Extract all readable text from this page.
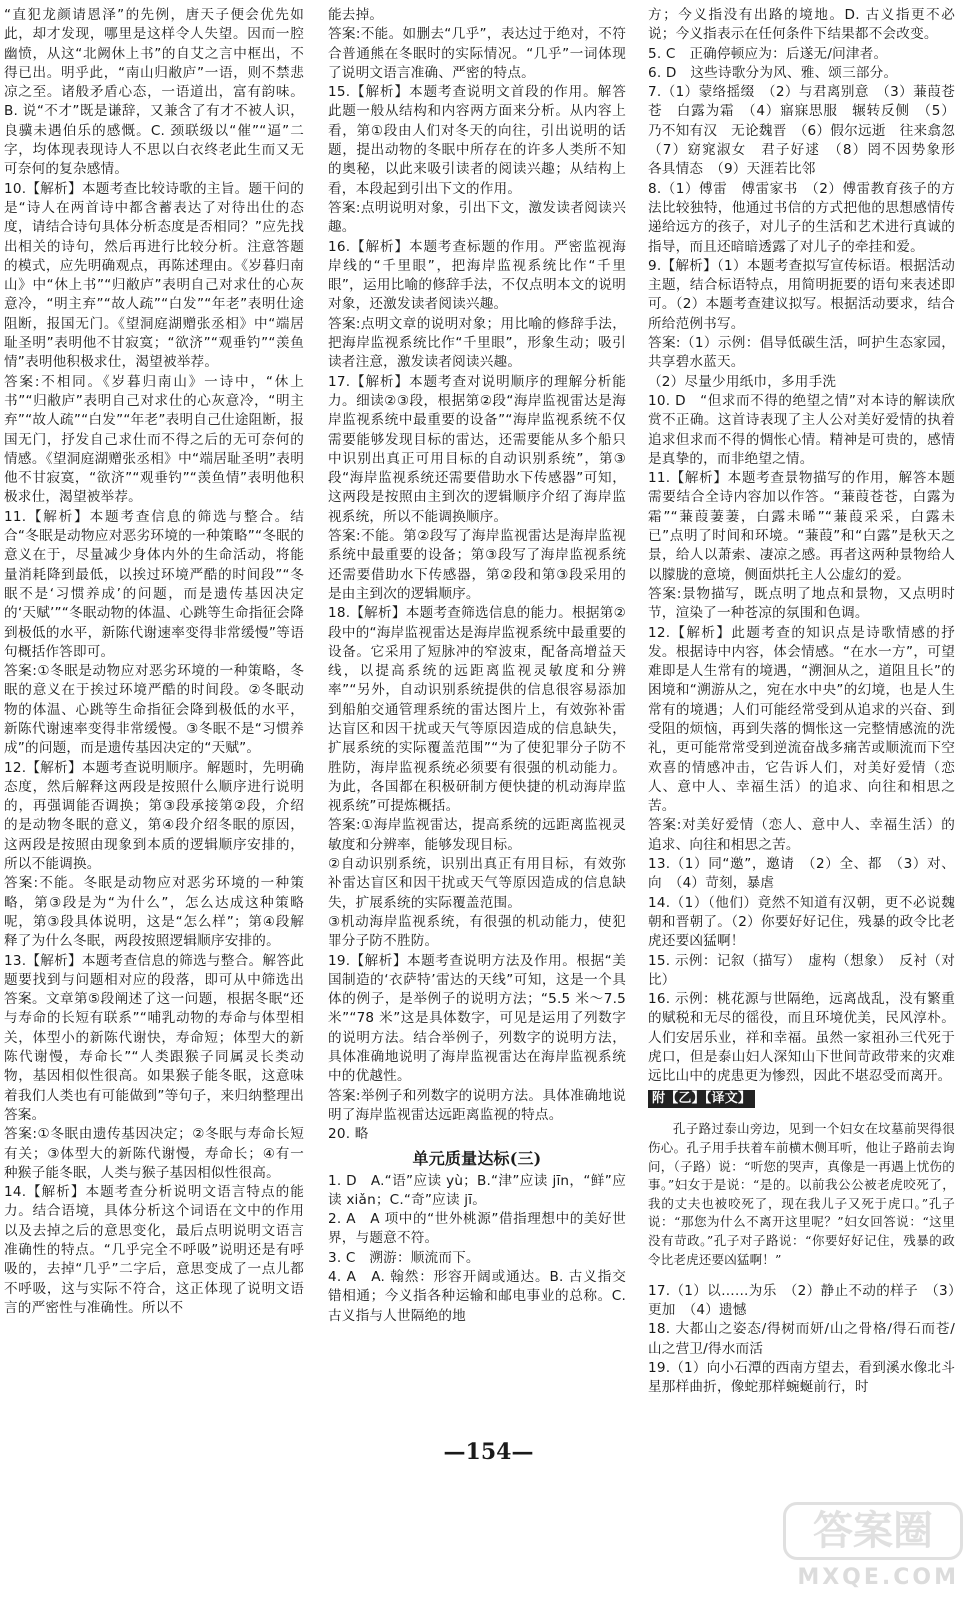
“直犯龙颜请恩泽”的先例，唐天子便会优先如此，却才发现，哪里是这样令人失望。因而一腔幽愤，从这“北阙休上书”的自艾之言中框出，不得已出。明乎此，“南山归敝庐”一语，则不禁悲凉之至。诸般矛盾心态，一语道出，富有韵味。B. 说“不才”既是谦辞，又兼含了有才不被人识，良骥未遇伯乐的感慨。C. 颈联级以“催”“逼”二字，均体现表现诗人不思以白衣终老此生而又无可奈何的复杂感情。

10.【解析】本题考查比较诗歌的主旨。题干问的是“诗人在两首诗中都含蓄表达了对待出仕的态度，请结合诗句具体分析态度是否相同？”应先找出相关的诗句，然后再进行比较分析。注意答题的模式，应先明确观点，再陈述理由。《岁暮归南山》中“休上书”“归敝庐”表明自己对求仕的心灰意冷，“明主弃”“故人疏”“白发”“年老”表明仕途阻断，报国无门。《望洞庭湖赠张丞相》中“端居耻圣明”表明他不甘寂寞；“欲济”“观垂钓”“羡鱼情”表明他积极求仕，渴望被举荐。

答案:不相同。《岁暮归南山》一诗中，“休上书”“归敝庐”表明自己对求仕的心灰意冷，“明主弃”“故人疏”“白发”“年老”表明自己仕途阻断，报国无门，抒发自己求仕而不得之后的无可奈何的情感。《望洞庭湖赠张丞相》中“端居耻圣明”表明他不甘寂寞，“欲济”“观垂钓”“羡鱼情”表明他积极求仕，渴望被举荐。

11.【解析】本题考查信息的筛选与整合。结合“冬眠是动物应对恶劣环境的一种策略”“冬眠的意义在于，尽量减少身体内外的生命活动，将能量消耗降到最低，以挨过环境严酷的时间段”“冬眠不是‘习惯养成’的问题，而是遗传基因决定的‘天赋’”“冬眠动物的体温、心跳等生命指征会降到极低的水平，新陈代谢速率变得非常缓慢”等语句概括作答即可。

答案:①冬眠是动物应对恶劣环境的一种策略，冬眠的意义在于挨过环境严酷的时间段。②冬眠动物的体温、心跳等生命指征会降到极低的水平，新陈代谢速率变得非常缓慢。③冬眠不是“习惯养成”的问题，而是遗传基因决定的“天赋”。

12.【解析】本题考查说明顺序。解题时，先明确态度，然后解释这两段是按照什么顺序进行说明的，再强调能否调换；第③段承接第②段，介绍的是动物冬眠的意义，第④段介绍冬眠的原因，这两段是按照由现象到本质的逻辑顺序安排的，所以不能调换。

答案:不能。冬眠是动物应对恶劣环境的一种策略，第③段是为“为什么”，怎么达成这种策略呢，第③段具体说明，这是“怎么样”；第④段解释了为什么冬眠，两段按照逻辑顺序安排的。

13.【解析】本题考查信息的筛选与整合。解答此题要找到与问题相对应的段落，即可从中筛选出答案。文章第⑤段阐述了这一问题，根据冬眠“还与寿命的长短有联系”“哺乳动物的寿命与体型相关，体型小的新陈代谢快，寿命短；体型大的新陈代谢慢，寿命长”“人类跟猴子同属灵长类动物，基因相似性很高。如果猴子能冬眠，这意味着我们人类也有可能做到”等句子，来归纳整理出答案。

答案:①冬眠由遗传基因决定；②冬眠与寿命长短有关；③体型大的新陈代谢慢，寿命长；④有一种猴子能冬眠，人类与猴子基因相似性很高。

14.【解析】本题考查分析说明文语言特点的能力。结合语境，具体分析这个词语在文中的作用以及去掉之后的意思变化，最后点明说明文语言准确性的特点。“几乎完全不呼吸”说明还是有呼吸的，去掉“几乎”二字后，意思变成了一点儿都不呼吸，这与实际不符合，这正体现了说明文语言的严密性与准确性。所以不

能去掉。

答案:不能。如删去“几乎”，表达过于绝对，不符合普通熊在冬眠时的实际情况。“几乎”一词体现了说明文语言准确、严密的特点。

15.【解析】本题考查说明文首段的作用。解答此题一般从结构和内容两方面来分析。从内容上看，第①段由人们对冬天的向往，引出说明的话题，提出动物的冬眠中所存在的许多人类所不知的奥秘，以此来吸引读者的阅读兴趣；从结构上看，本段起到引出下文的作用。

答案:点明说明对象，引出下文，激发读者阅读兴趣。

16.【解析】本题考查标题的作用。严密监视海岸线的“千里眼”，把海岸监视系统比作“千里眼”，运用比喻的修辞手法，不仅点明本文的说明对象，还激发读者阅读兴趣。

答案:点明文章的说明对象；用比喻的修辞手法，把海岸监视系统比作“千里眼”，形象生动；吸引读者注意，激发读者阅读兴趣。

17.【解析】本题考查对说明顺序的理解分析能力。细读②③段，根据第②段“海岸监视雷达是海岸监视系统中最重要的设备”“海岸监视系统不仅需要能够发现目标的雷达，还需要能从多个船只中识别出真正可用目标的自动识别系统”，第③段“海岸监视系统还需要借助水下传感器”可知，这两段是按照由主到次的逻辑顺序介绍了海岸监视系统，所以不能调换顺序。

答案:不能。第②段写了海岸监视雷达是海岸监视系统中最重要的设备；第③段写了海岸监视系统还需要借助水下传感器，第②段和第③段采用的是由主到次的逻辑顺序。

18.【解析】本题考查筛选信息的能力。根据第②段中的“海岸监视雷达是海岸监视系统中最重要的设备。它采用了短脉冲的窄波束，配备高增益天线，以提高系统的远距离监视灵敏度和分辨率”“另外，自动识别系统提供的信息很容易添加到船舶交通管理系统的雷达图片上，有效弥补雷达盲区和因干扰或天气等原因造成的信息缺失，扩展系统的实际覆盖范围”“为了使犯罪分子防不胜防，海岸监视系统必须要有很强的机动能力。为此，各国都在积极研制方便快捷的机动海岸监视系统”可提炼概括。

答案:①海岸监视雷达，提高系统的远距离监视灵敏度和分辨率，能够发现目标。

②自动识别系统，识别出真正有用目标，有效弥补雷达盲区和因干扰或天气等原因造成的信息缺失，扩展系统的实际覆盖范围。

③机动海岸监视系统，有很强的机动能力，使犯罪分子防不胜防。

19.【解析】本题考查说明方法及作用。根据“美国制造的‘衣萨特’雷达的天线”可知，这是一个具体的例子，是举例子的说明方法；“5.5 米～7.5 米”“78 米”这是具体数字，可见是运用了列数字的说明方法。结合举例子，列数字的说明方法，具体准确地说明了海岸监视雷达在海岸监视系统中的优越性。

答案:举例子和列数字的说明方法。具体准确地说明了海岸监视雷达远距离监视的特点。

20. 略

单元质量达标(三)

1. D　A.“语”应读 yù；B.“津”应读 jīn，“鲜”应读 xiǎn；C.“奇”应读 jī。

2. A　A 项中的“世外桃源”借指理想中的美好世界，与题意不符。

3. C　溯游：顺流而下。

4. A　A. 翰然：形容开阔或通达。B. 古义指交错相通；今义指各种运输和邮电事业的总称。C. 古义指与人世隔绝的地

方；今义指没有出路的境地。D. 古义指更不必说；今义指表示在任何条件下结果都不会改变。

5. C　正确停顿应为：后遂无/问津者。

6. D　这些诗歌分为风、雅、颂三部分。

7.（1）蒙络摇缀　（2）与君离别意　（3）蒹葭苍苍　白露为霜　（4）寤寐思服　辗转反侧　（5）乃不知有汉　无论魏晋　（6）假尔远逝　往来翕忽　（7）窈窕淑女　君子好逑　（8）罔不因势象形　各具情态　（9）天涯若比邻

8.（1）傅雷　傅雷家书　（2）傅雷教育孩子的方法比较独特，他通过书信的方式把他的思想感情传递给远方的孩子，对儿子的生活和艺术进行真诚的指导，而且还暗暗透露了对儿子的牵挂和爱。

9.【解析】（1）本题考查拟写宣传标语。根据活动主题，结合标语特点，用简明扼要的语句来表述即可。（2）本题考查建议拟写。根据活动要求，结合所给范例书写。

答案:（1）示例：倡导低碳生活，呵护生态家园，共享碧水蓝天。

（2）尽量少用纸巾，多用手洗

10. D　“但求而不得的绝望之情”对本诗的解读欣赏不正确。这首诗表现了主人公对美好爱情的执着追求但求而不得的惆怅心情。精神是可贵的，感情是真挚的，而非绝望之情。

11.【解析】本题考查景物描写的作用，解答本题需要结合全诗内容加以作答。“蒹葭苍苍，白露为霜”“蒹葭萋萋，白露未晞”“蒹葭采采，白露未已”点明了时间和环境。“蒹葭”和“白露”是秋天之景，给人以萧索、凄凉之感。再者这两种景物给人以朦胧的意境，侧面烘托主人公虚幻的爱。

答案:景物描写，既点明了地点和景物，又点明时节，渲染了一种苍凉的氛围和色调。

12.【解析】此题考查的知识点是诗歌情感的抒发。根据诗中内容，体会情感。“在水一方”，可望难即是人生常有的境遇，“溯洄从之，道阻且长”的困境和“溯游从之，宛在水中央”的幻境，也是人生常有的境遇；人们可能经常受到从追求的兴奋、到受阻的烦恼，再到失落的惆怅这一完整情感流的洗礼，更可能常常受到逆流奋战多痛苦或顺流而下空欢喜的情感冲击，它告诉人们，对美好爱情（恋人、意中人、幸福生活）的追求、向往和相思之苦。

答案:对美好爱情（恋人、意中人、幸福生活）的追求、向往和相思之苦。

13.（1）同“邀”，邀请　（2）全、都　（3）对、向　（4）苛刻，暴虐

14.（1）（他们）竟然不知道有汉朝，更不必说魏朝和晋朝了。（2）你要好好记住，残暴的政令比老虎还要凶猛啊！

15. 示例：记叙（描写）　虚构（想象）　反衬（对比）

16. 示例：桃花源与世隔绝，远离战乱，没有繁重的赋税和无尽的徭役，而且环境优美，民风淳朴。人们安居乐业，祥和幸福。虽然一家祖孙三代死于虎口，但是泰山妇人深知山下世间苛政带来的灾难远比山中的虎患更为惨烈，因此不堪忍受而离开。

附【乙】【译文】

孔子路过泰山旁边，见到一个妇女在坟墓前哭得很伤心。孔子用手扶着车前横木侧耳听，他让子路前去询问，（子路）说：“听您的哭声，真像是一再遇上忧伤的事。”妇女于是说：“是的。以前我公公被老虎咬死了，我的丈夫也被咬死了，现在我儿子又死于虎口。”孔子说：“那您为什么不离开这里呢？”妇女回答说：“这里没有苛政。”孔子对子路说：“你要好好记住，残暴的政令比老虎还要凶猛啊！”

17.（1）以……为乐　（2）静止不动的样子　（3）更加　（4）遗憾

18. 大都山之姿态/得树而妍/山之骨格/得石而苍/山之营卫/得水而活

19.（1）向小石潭的西南方望去，看到溪水像北斗星那样曲折，像蛇那样蜿蜒前行，时

—154—
答案圈
MXQE.COM
